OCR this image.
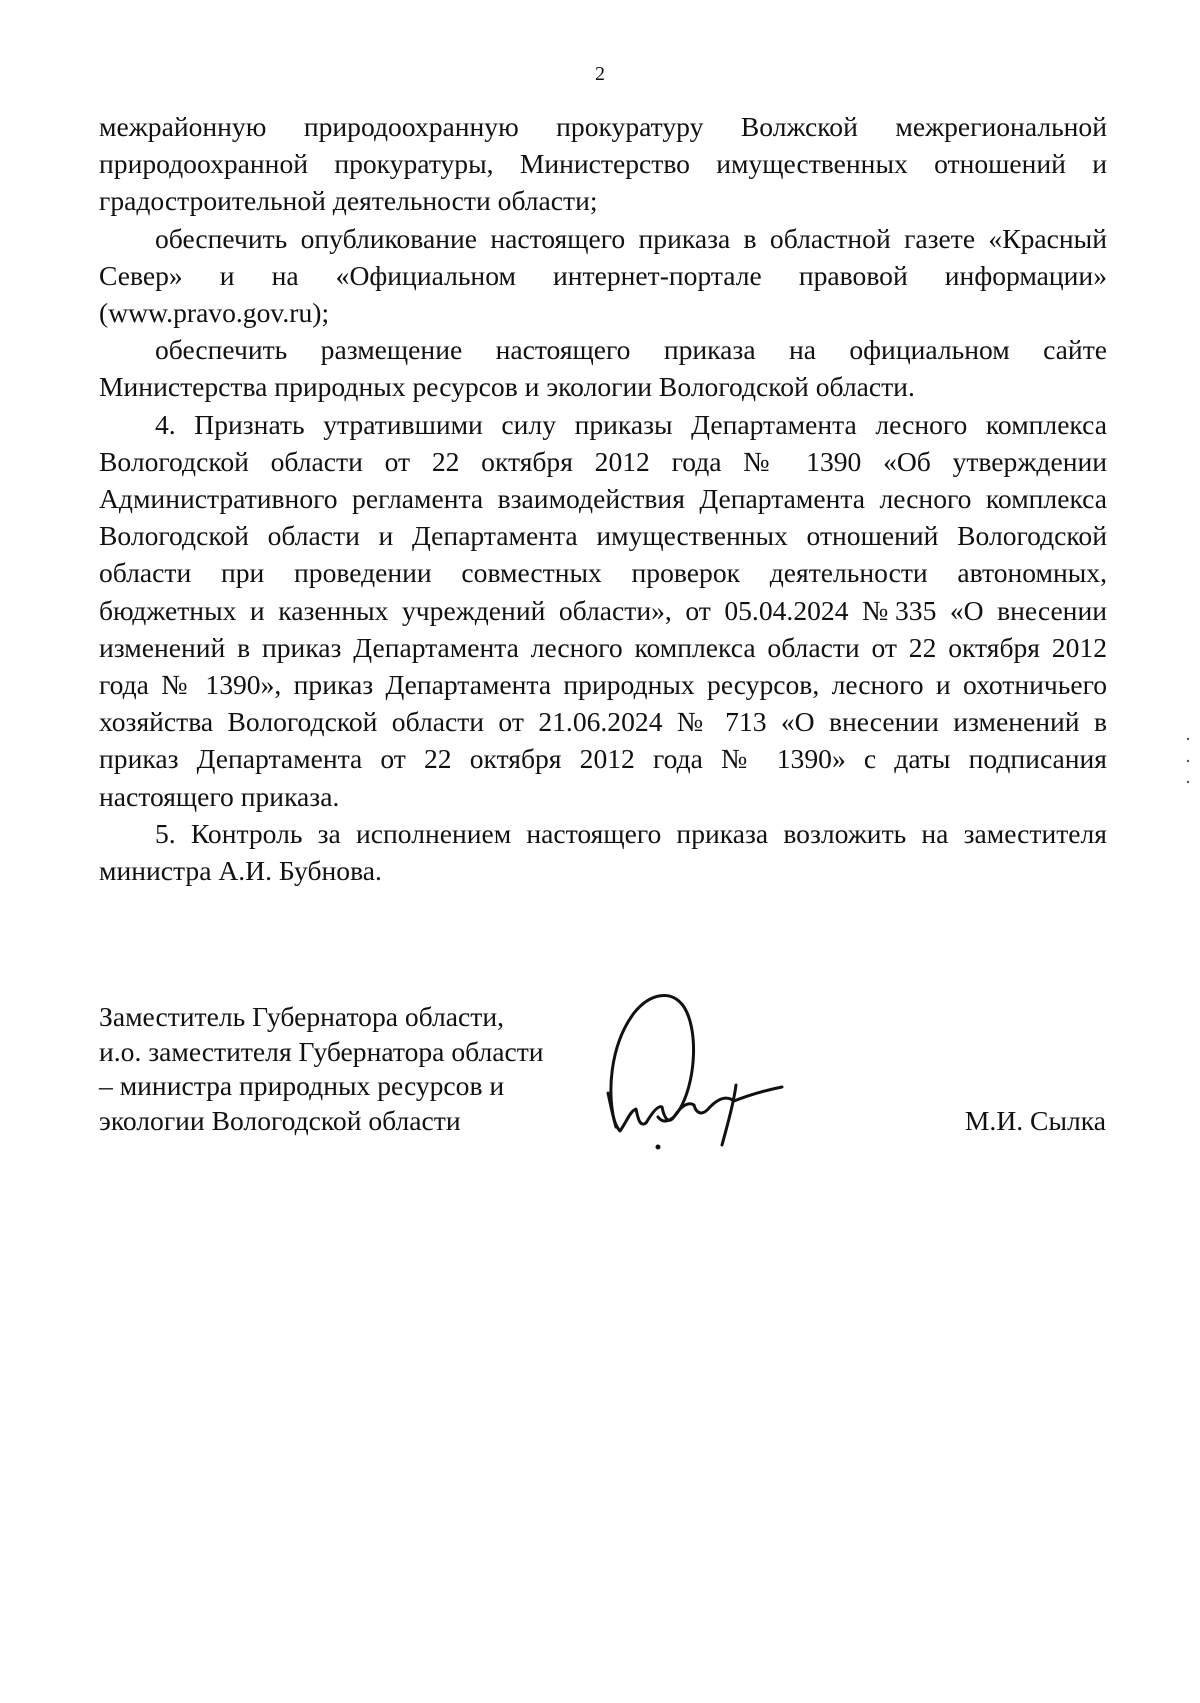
2

межрайонную природоохранную прокуратуру Волжской межрегиональной природоохранной прокуратуры, Министерство имущественных отношений и градостроительной деятельности области;

обеспечить опубликование настоящего приказа в областной газете «Красный Север» и на «Официальном интернет-портале правовой информации» (www.pravo.gov.ru);

обеспечить размещение настоящего приказа на официальном сайте Министерства природных ресурсов и экологии Вологодской области.

4. Признать утратившими силу приказы Департамента лесного комплекса Вологодской области от 22 октября 2012 года № 1390 «Об утверждении Административного регламента взаимодействия Департамента лесного комплекса Вологодской области и Департамента имущественных отношений Вологодской области при проведении совместных проверок деятельности автономных, бюджетных и казенных учреждений области», от 05.04.2024 №335 «О внесении изменений в приказ Департамента лесного комплекса области от 22 октября 2012 года № 1390», приказ Департамента природных ресурсов, лесного и охотничьего хозяйства Вологодской области от 21.06.2024 № 713 «О внесении изменений в приказ Департамента от 22 октября 2012 года № 1390» с даты подписания настоящего приказа.

5. Контроль за исполнением настоящего приказа возложить на заместителя министра А.И. Бубнова.

Заместитель Губернатора области,
и.о. заместителя Губернатора области
– министра природных ресурсов и
экологии Вологодской области	М.И. Сылка
